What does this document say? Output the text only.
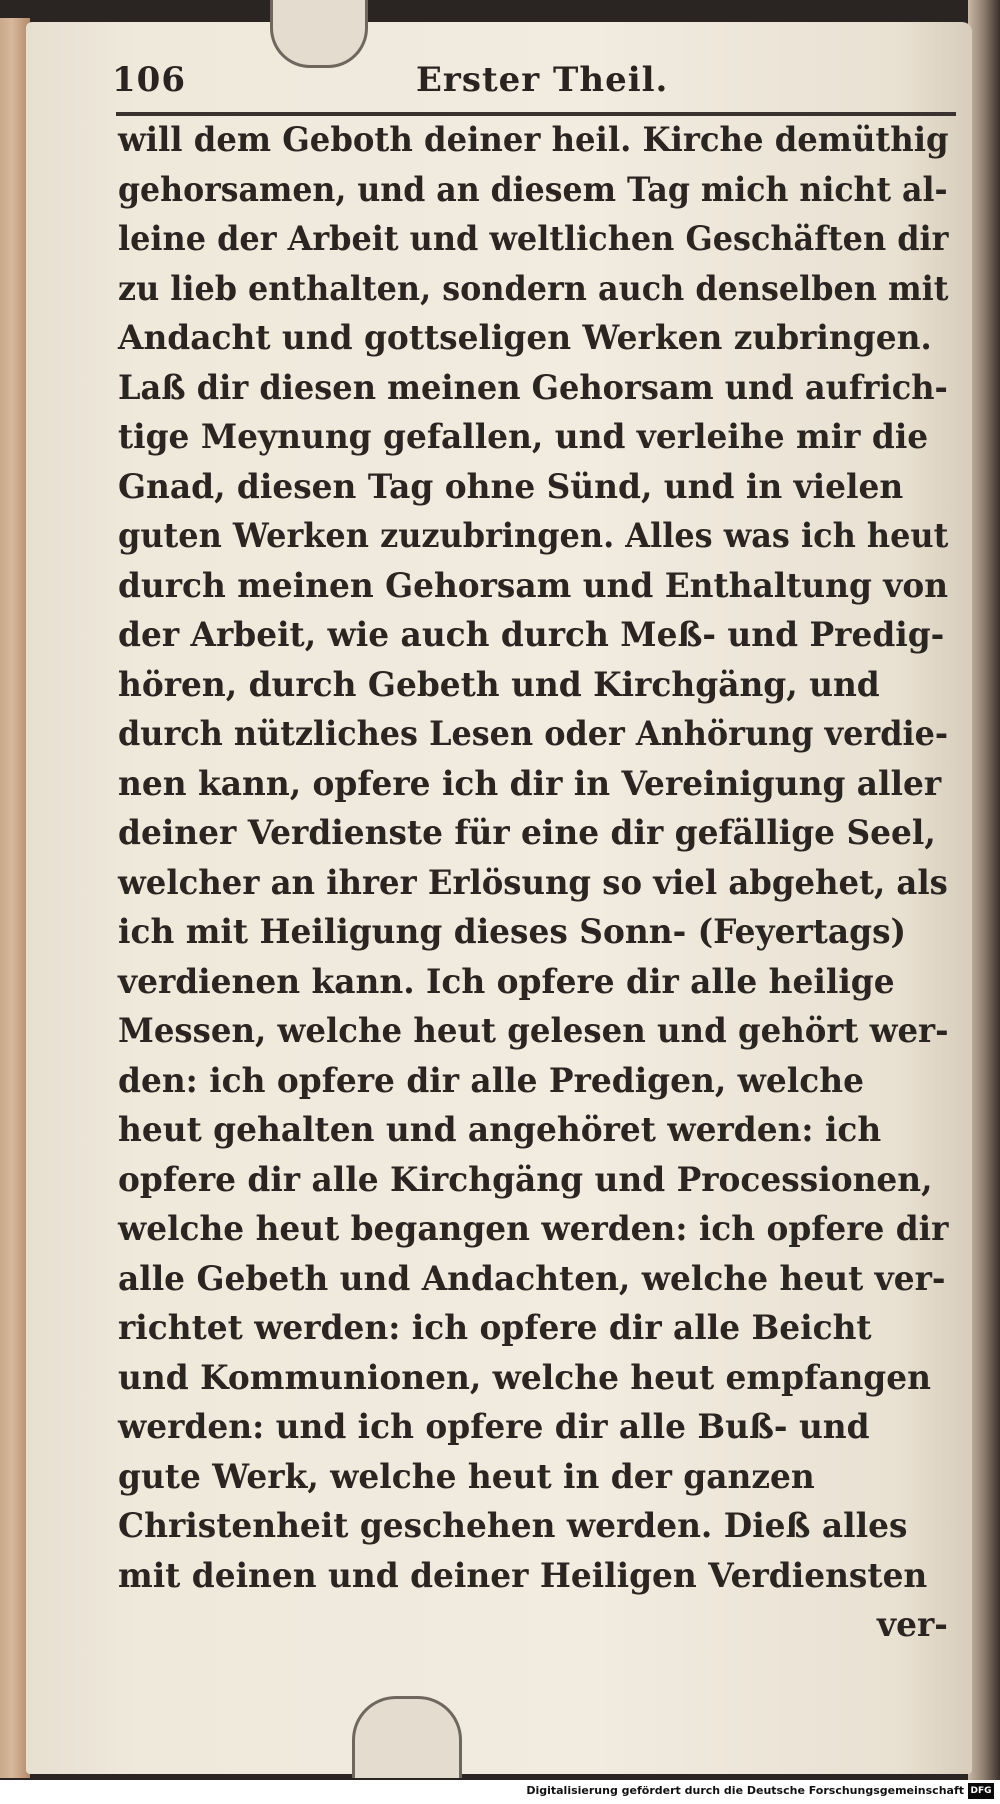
106	Erster Theil.
will dem Geboth deiner heil. Kirche demüthig
gehorsamen, und an diesem Tag mich nicht al-
leine der Arbeit und weltlichen Geschäften dir
zu lieb enthalten, sondern auch denselben mit
Andacht und gottseligen Werken zubringen.
Laß dir diesen meinen Gehorsam und aufrich-
tige Meynung gefallen, und verleihe mir die
Gnad, diesen Tag ohne Sünd, und in vielen
guten Werken zuzubringen. Alles was ich heut
durch meinen Gehorsam und Enthaltung von
der Arbeit, wie auch durch Meß- und Predig-
hören, durch Gebeth und Kirchgäng, und
durch nützliches Lesen oder Anhörung verdie-
nen kann, opfere ich dir in Vereinigung aller
deiner Verdienste für eine dir gefällige Seel,
welcher an ihrer Erlösung so viel abgehet, als
ich mit Heiligung dieses Sonn- (Feyertags)
verdienen kann. Ich opfere dir alle heilige
Messen, welche heut gelesen und gehört wer-
den: ich opfere dir alle Predigen, welche
heut gehalten und angehöret werden: ich
opfere dir alle Kirchgäng und Processionen,
welche heut begangen werden: ich opfere dir
alle Gebeth und Andachten, welche heut ver-
richtet werden: ich opfere dir alle Beicht
und Kommunionen, welche heut empfangen
werden: und ich opfere dir alle Buß- und
gute Werk, welche heut in der ganzen
Christenheit geschehen werden. Dieß alles
mit deinen und deiner Heiligen Verdiensten
ver-
Digitalisierung gefördert durch die Deutsche Forschungsgemeinschaft DFG
